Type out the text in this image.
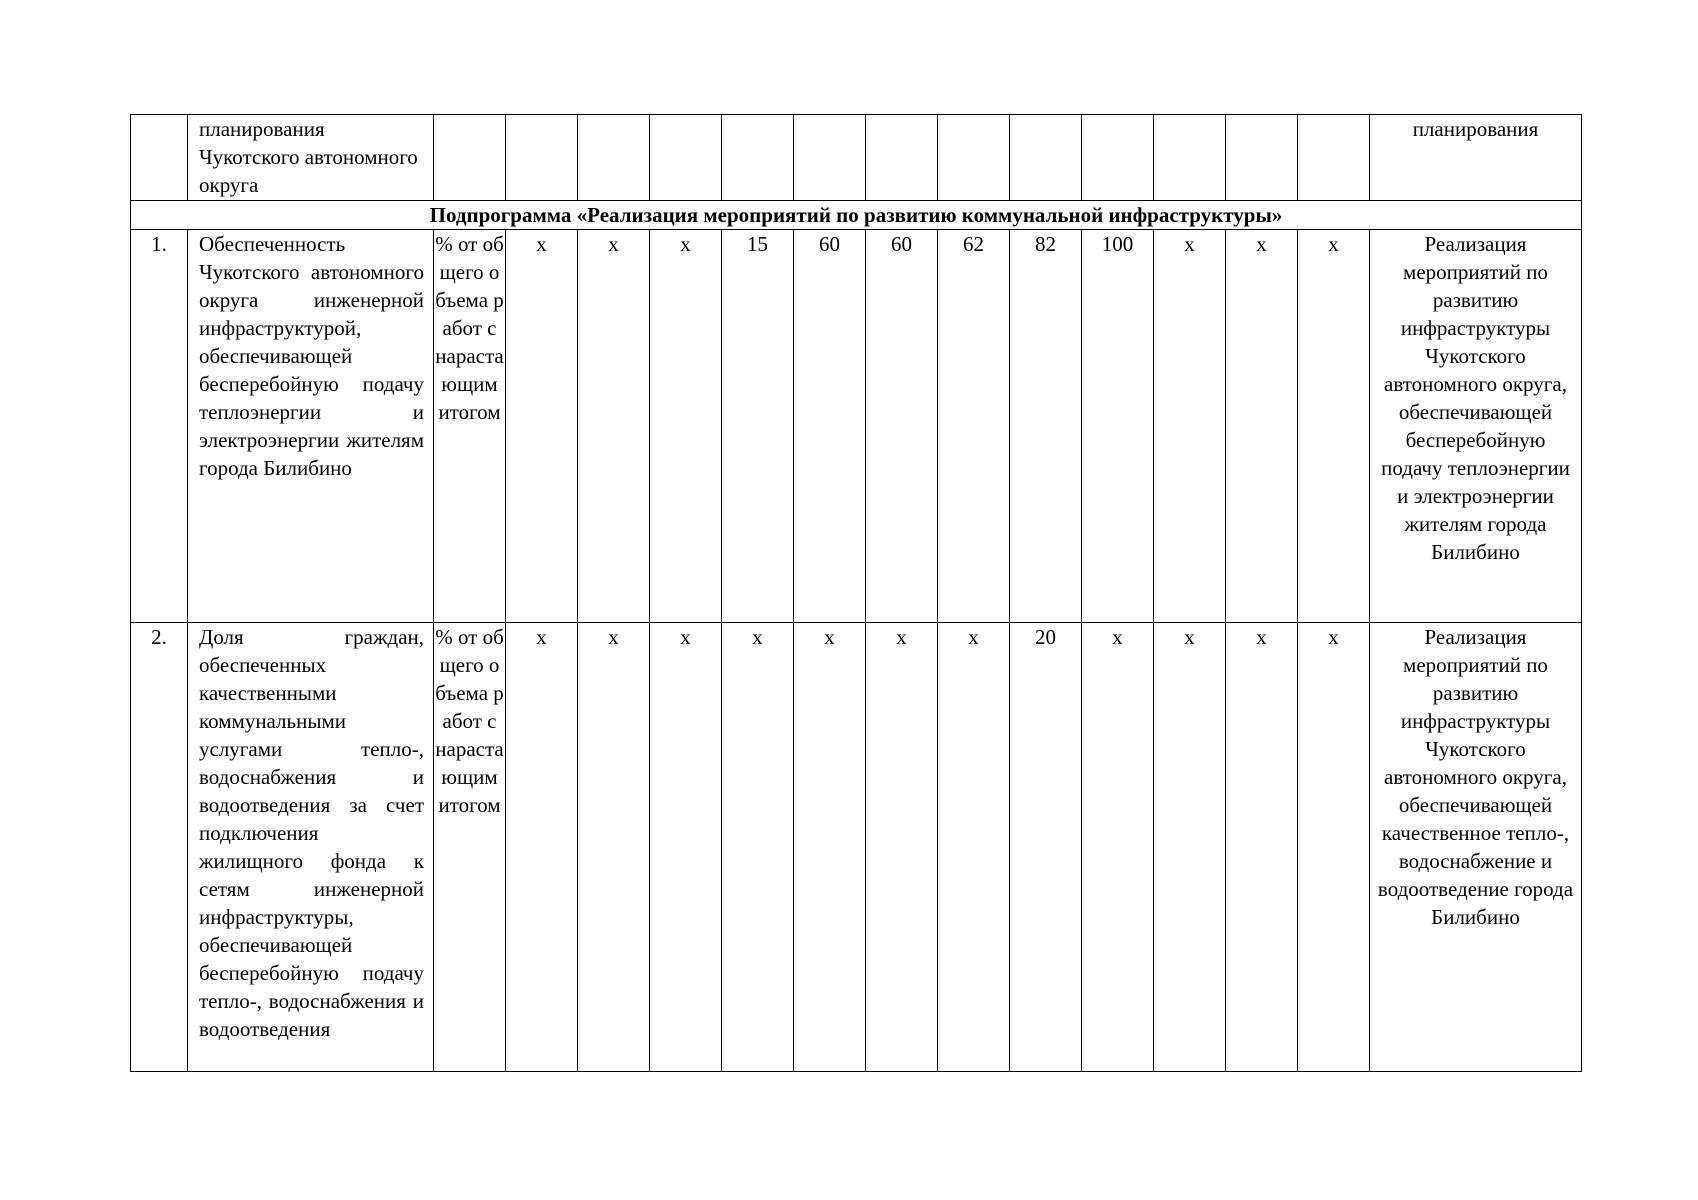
	планирования Чукотского автономного округа														планирования
Подпрограмма «Реализация мероприятий по развитию коммунальной инфраструктуры»															
1.	Обеспеченность Чукотского автономного округа инженерной инфраструктурой, обеспечивающей бесперебойную подачу теплоэнергии и электроэнергии жителям города Билибино	% от общего объема работ с нарастающим итогом	х	х	х	15	60	60	62	82	100	х	х	х	Реализация мероприятий по развитию инфраструктуры Чукотского автономного округа, обеспечивающей бесперебойную подачу теплоэнергии и электроэнергии жителям города Билибино
2.	Доля граждан, обеспеченных качественными коммунальными услугами тепло-, водоснабжения и водоотведения за счет подключения жилищного фонда к сетям инженерной инфраструктуры, обеспечивающей бесперебойную подачу тепло-, водоснабжения и водоотведения	% от общего объема работ с нарастающим итогом	х	х	х	х	х	х	х	20	х	х	х	х	Реализация мероприятий по развитию инфраструктуры Чукотского автономного округа, обеспечивающей качественное тепло-, водоснабжение и водоотведение города Билибино
